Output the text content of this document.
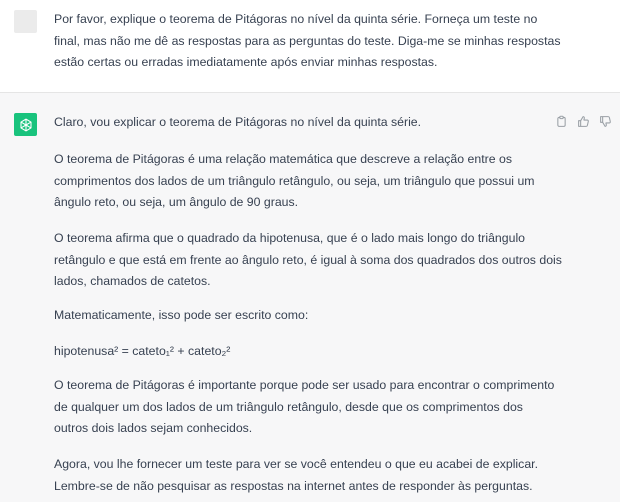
Por favor, explique o teorema de Pitágoras no nível da quinta série. Forneça um teste no
final, mas não me dê as respostas para as perguntas do teste. Diga-me se minhas respostas
estão certas ou erradas imediatamente após enviar minhas respostas.
Claro, vou explicar o teorema de Pitágoras no nível da quinta série.
O teorema de Pitágoras é uma relação matemática que descreve a relação entre os
comprimentos dos lados de um triângulo retângulo, ou seja, um triângulo que possui um
ângulo reto, ou seja, um ângulo de 90 graus.
O teorema afirma que o quadrado da hipotenusa, que é o lado mais longo do triângulo
retângulo e que está em frente ao ângulo reto, é igual à soma dos quadrados dos outros dois
lados, chamados de catetos.
Matematicamente, isso pode ser escrito como:
hipotenusa² = cateto₁² + cateto₂²
O teorema de Pitágoras é importante porque pode ser usado para encontrar o comprimento
de qualquer um dos lados de um triângulo retângulo, desde que os comprimentos dos
outros dois lados sejam conhecidos.
Agora, vou lhe fornecer um teste para ver se você entendeu o que eu acabei de explicar.
Lembre-se de não pesquisar as respostas na internet antes de responder às perguntas.
